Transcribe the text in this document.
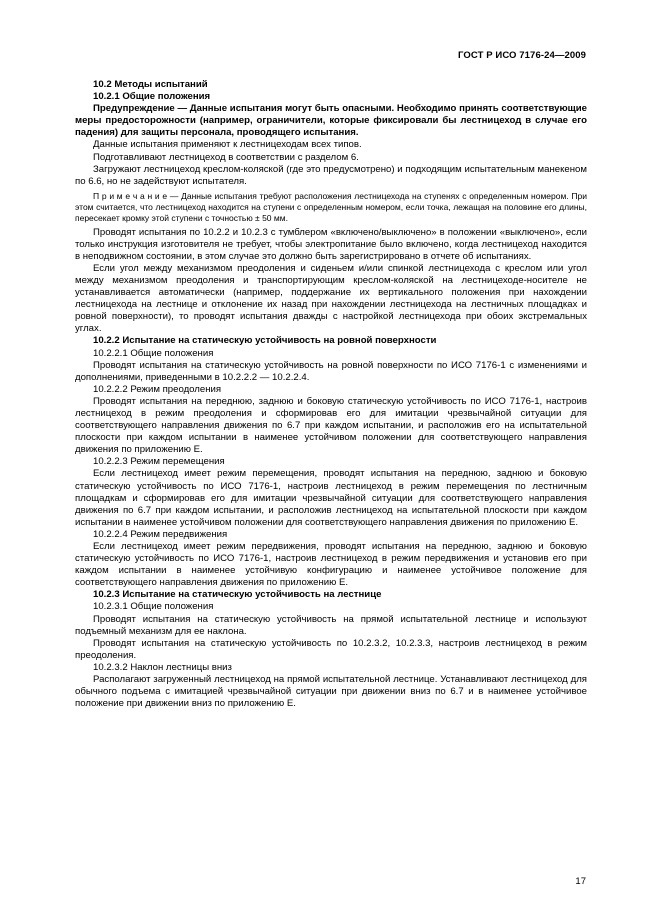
ГОСТ Р ИСО 7176-24—2009

10.2 Методы испытаний

10.2.1 Общие положения

Предупреждение — Данные испытания могут быть опасными. Необходимо принять соответствующие меры предосторожности (например, ограничители, которые фиксировали бы лестницеход в случае его падения) для защиты персонала, проводящего испытания.

Данные испытания применяют к лестницеходам всех типов.

Подготавливают лестницеход в соответствии с разделом 6.

Загружают лестницеход креслом-коляской (где это предусмотрено) и подходящим испытательным манекеном по 6.6, но не задействуют испытателя.

П р и м е ч а н и е — Данные испытания требуют расположения лестницехода на ступенях с определенным номером. При этом считается, что лестницеход находится на ступени с определенным номером, если точка, лежащая на половине его длины, пересекает кромку этой ступени с точностью ± 50 мм.

Проводят испытания по 10.2.2 и 10.2.3 с тумблером «включено/выключено» в положении «выключено», если только инструкция изготовителя не требует, чтобы электропитание было включено, когда лестницеход находится в неподвижном состоянии, в этом случае это должно быть зарегистрировано в отчете об испытаниях.

Если угол между механизмом преодоления и сиденьем и/или спинкой лестницехода с креслом или угол между механизмом преодоления и транспортирующим креслом-коляской на лестницеходе-носителе не устанавливается автоматически (например, поддержание их вертикального положения при нахождении лестницехода на лестнице и отклонение их назад при нахождении лестницехода на лестничных площадках и ровной поверхности), то проводят испытания дважды с настройкой лестницехода при обоих экстремальных углах.

10.2.2 Испытание на статическую устойчивость на ровной поверхности

10.2.2.1 Общие положения

Проводят испытания на статическую устойчивость на ровной поверхности по ИСО 7176-1 с изменениями и дополнениями, приведенными в 10.2.2.2 — 10.2.2.4.

10.2.2.2 Режим преодоления

Проводят испытания на переднюю, заднюю и боковую статическую устойчивость по ИСО 7176-1, настроив лестницеход в режим преодоления и сформировав его для имитации чрезвычайной ситуации для соответствующего направления движения по 6.7 при каждом испытании, и расположив его на испытательной плоскости при каждом испытании в наименее устойчивом положении для соответствующего направления движения по приложению Е.

10.2.2.3 Режим перемещения

Если лестницеход имеет режим перемещения, проводят испытания на переднюю, заднюю и боковую статическую устойчивость по ИСО 7176-1, настроив лестницеход в режим перемещения по лестничным площадкам и сформировав его для имитации чрезвычайной ситуации для соответствующего направления движения по 6.7 при каждом испытании, и расположив лестницеход на испытательной плоскости при каждом испытании в наименее устойчивом положении для соответствующего направления движения по приложению Е.

10.2.2.4 Режим передвижения

Если лестницеход имеет режим передвижения, проводят испытания на переднюю, заднюю и боковую статическую устойчивость по ИСО 7176-1, настроив лестницеход в режим передвижения и установив его при каждом испытании в наименее устойчивую конфигурацию и наименее устойчивое положение для соответствующего направления движения по приложению Е.

10.2.3 Испытание на статическую устойчивость на лестнице

10.2.3.1 Общие положения

Проводят испытания на статическую устойчивость на прямой испытательной лестнице и используют подъемный механизм для ее наклона.

Проводят испытания на статическую устойчивость по 10.2.3.2, 10.2.3.3, настроив лестницеход в режим преодоления.

10.2.3.2 Наклон лестницы вниз

Располагают загруженный лестницеход на прямой испытательной лестнице. Устанавливают лестницеход для обычного подъема с имитацией чрезвычайной ситуации при движении вниз по 6.7 и в наименее устойчивое положение при движении вниз по приложению Е.

17
